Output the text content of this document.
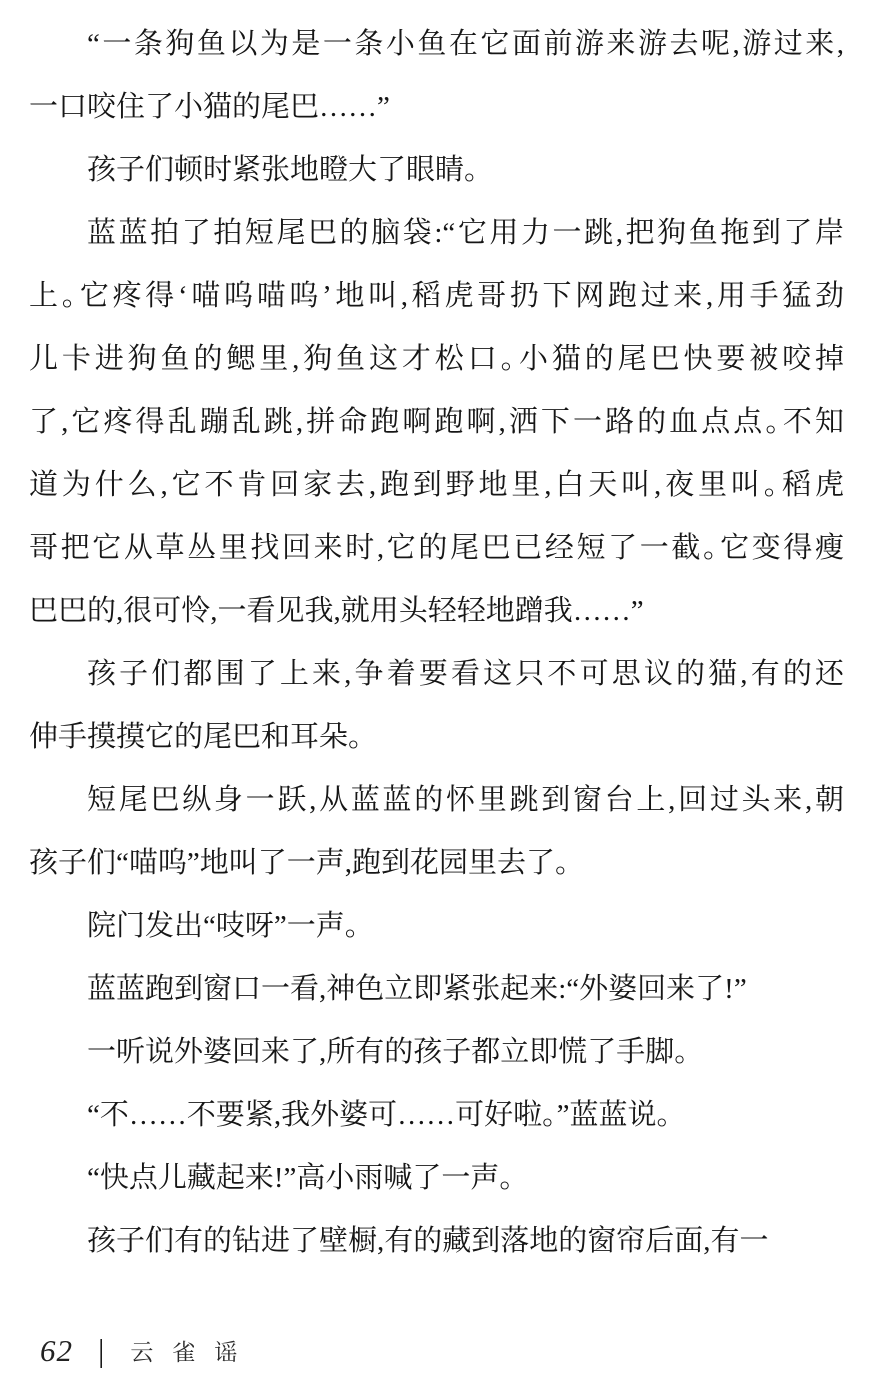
“一条狗鱼以为是一条小鱼在它面前游来游去呢,游过来,
一口咬住了小猫的尾巴……”
孩子们顿时紧张地瞪大了眼睛。
蓝蓝拍了拍短尾巴的脑袋:“它用力一跳,把狗鱼拖到了岸
上。它疼得‘喵呜喵呜’地叫,稻虎哥扔下网跑过来,用手猛劲
儿卡进狗鱼的鳃里,狗鱼这才松口。小猫的尾巴快要被咬掉
了,它疼得乱蹦乱跳,拼命跑啊跑啊,洒下一路的血点点。不知
道为什么,它不肯回家去,跑到野地里,白天叫,夜里叫。稻虎
哥把它从草丛里找回来时,它的尾巴已经短了一截。它变得瘦
巴巴的,很可怜,一看见我,就用头轻轻地蹭我……”
孩子们都围了上来,争着要看这只不可思议的猫,有的还
伸手摸摸它的尾巴和耳朵。
短尾巴纵身一跃,从蓝蓝的怀里跳到窗台上,回过头来,朝
孩子们“喵呜”地叫了一声,跑到花园里去了。
院门发出“吱呀”一声。
蓝蓝跑到窗口一看,神色立即紧张起来:“外婆回来了!”
一听说外婆回来了,所有的孩子都立即慌了手脚。
“不……不要紧,我外婆可……可好啦。”蓝蓝说。
“快点儿藏起来!”高小雨喊了一声。
孩子们有的钻进了壁橱,有的藏到落地的窗帘后面,有一
62 | 云雀谣
